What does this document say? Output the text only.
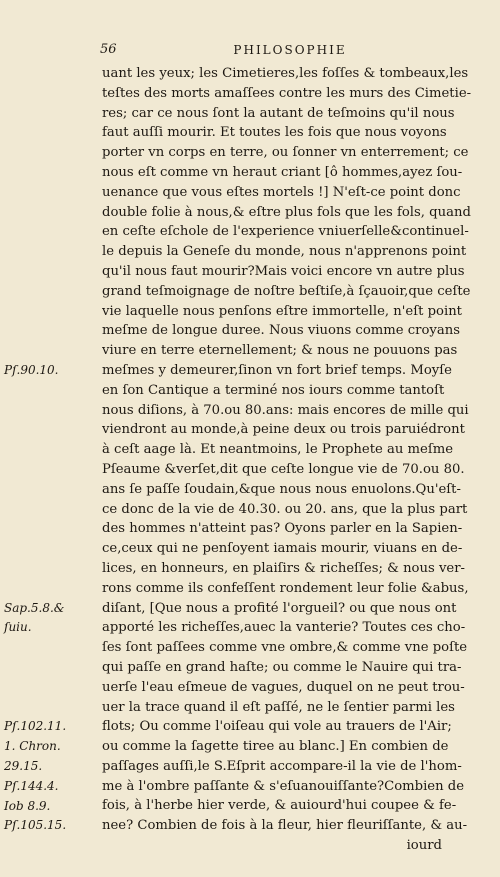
56	PHILOSOPHIE
Pſ.90.10.
Sap.5.8.&
ſuiu.
Pſ.102.11.
1. Chron.
29.15.
Pſ.144.4.
Iob 8.9.
Pſ.105.15.
uant les yeux; les Cimetieres,les foſſes & tombeaux,les
teſtes des morts amaſſees contre les murs des Cimetie-
res; car ce nous ſont la autant de teſmoins qu'il nous
faut auſſi mourir. Et toutes les fois que nous voyons
porter vn corps en terre, ou ſonner vn enterrement; ce
nous eſt comme vn heraut criant [ô hommes,ayez ſou-
uenance que vous eſtes mortels !] N'eſt-ce point donc
double folie à nous,& eſtre plus fols que les fols, quand
en ceſte eſchole de l'experience vniuerſelle&continuel-
le depuis la Geneſe du monde, nous n'apprenons point
qu'il nous faut mourir?Mais voici encore vn autre plus
grand teſmoignage de noſtre beſtiſe,à ſçauoir,que ceſte
vie laquelle nous penſons eſtre immortelle, n'eſt point
meſme de longue duree. Nous viuons comme croyans
viure en terre eternellement; & nous ne pouuons pas
meſmes y demeurer,ſinon vn fort brief temps. Moyſe
en ſon Cantique a terminé nos iours comme tantoſt
nous diſions, à 70.ou 80.ans: mais encores de mille qui
viendront au monde,à peine deux ou trois paruiédront
à ceſt aage là. Et neantmoins, le Prophete au meſme
Pſeaume &verſet,dit que ceſte longue vie de 70.ou 80.
ans ſe paſſe ſoudain,&que nous nous enuolons.Qu'eſt-
ce donc de la vie de 40.30. ou 20. ans, que la plus part
des hommes n'atteint pas? Oyons parler en la Sapien-
ce,ceux qui ne penſoyent iamais mourir, viuans en de-
lices, en honneurs, en plaiſirs & richeſſes; & nous ver-
rons comme ils confeſſent rondement leur folie &abus,
diſant, [Que nous a profité l'orgueil? ou que nous ont
apporté les richeſſes,auec la vanterie? Toutes ces cho-
ſes ſont paſſees comme vne ombre,& comme vne poſte
qui paſſe en grand haſte; ou comme le Nauire qui tra-
uerſe l'eau eſmeue de vagues, duquel on ne peut trou-
uer la trace quand il eſt paſſé, ne le ſentier parmi les
flots; Ou comme l'oiſeau qui vole au trauers de l'Air;
ou comme la ſagette tiree au blanc.] En combien de
paſſages auſſi,le S.Eſprit accompare-il la vie de l'hom-
me à l'ombre paſſante & s'eſuanouiſſante?Combien de
fois, à l'herbe hier verde, & auiourd'hui coupee & fe-
nee? Combien de fois à la fleur, hier fleuriſſante, & au-
iourd
